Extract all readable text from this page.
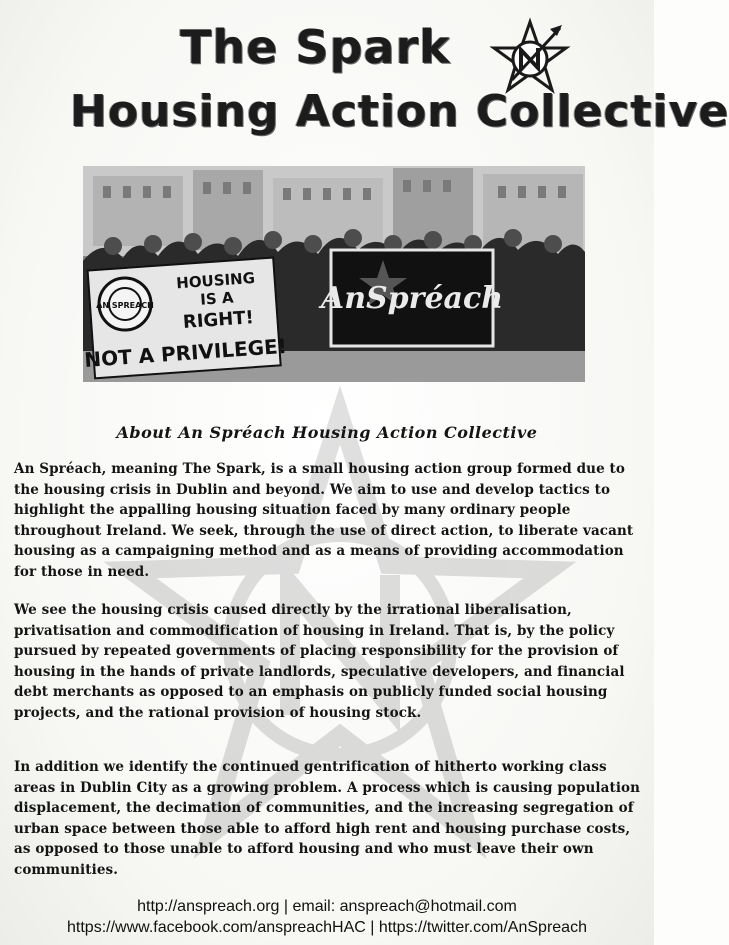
The Spark
Housing Action Collective
AN SPREACH
HOUSING
IS A
RIGHT!
NOT A PRIVILEGE!
AnSpréach
About An Spréach Housing Action Collective

An Spréach, meaning The Spark, is a small housing action group formed due to the housing crisis in Dublin and beyond. We aim to use and develop tactics to highlight the appalling housing situation faced by many ordinary people throughout Ireland. We seek, through the use of direct action, to liberate vacant housing as a campaigning method and as a means of providing accommodation for those in need.

We see the housing crisis caused directly by the irrational liberalisation, privatisation and commodification of housing in Ireland. That is, by the policy pursued by repeated governments of placing responsibility for the provision of housing in the hands of private landlords, speculative developers, and financial debt merchants as opposed to an emphasis on publicly funded social housing projects, and the rational provision of housing stock.

In addition we identify the continued gentrification of hitherto working class areas in Dublin City as a growing problem. A process which is causing population displacement, the decimation of communities, and the increasing segregation of urban space between those able to afford high rent and housing purchase costs, as opposed to those unable to afford housing and who must leave their own communities.

http://anspreach.org | email: anspreach@hotmail.com
https://www.facebook.com/anspreachHAC | https://twitter.com/AnSpreach
